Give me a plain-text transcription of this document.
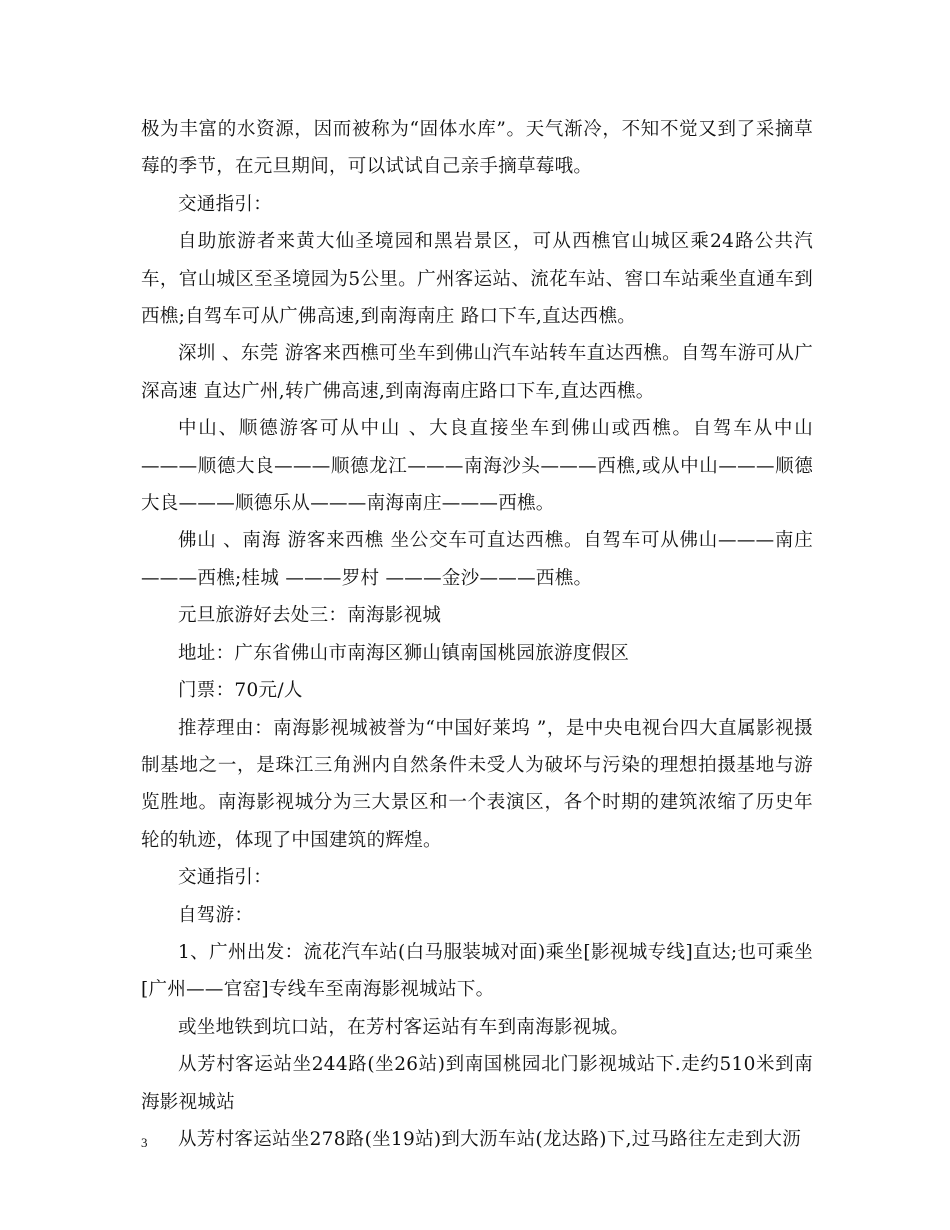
极为丰富的水资源，因而被称为“固体水库”。天气渐冷，不知不觉又到了采摘草莓的季节，在元旦期间，可以试试自己亲手摘草莓哦。

交通指引：

自助旅游者来黄大仙圣境园和黑岩景区，可从西樵官山城区乘24路公共汽车，官山城区至圣境园为5公里。广州客运站、流花车站、窖口车站乘坐直通车到西樵;自驾车可从广佛高速,到南海南庄 路口下车,直达西樵。

深圳 、东莞 游客来西樵可坐车到佛山汽车站转车直达西樵。自驾车游可从广深高速 直达广州,转广佛高速,到南海南庄路口下车,直达西樵。

中山、顺德游客可从中山 、大良直接坐车到佛山或西樵。自驾车从中山———顺德大良———顺德龙江———南海沙头———西樵,或从中山———顺德大良———顺德乐从———南海南庄———西樵。

佛山 、南海 游客来西樵 坐公交车可直达西樵。自驾车可从佛山———南庄———西樵;桂城 ———罗村 ———金沙———西樵。

元旦旅游好去处三：南海影视城

地址：广东省佛山市南海区狮山镇南国桃园旅游度假区

门票：70元/人

推荐理由：南海影视城被誉为“中国好莱坞 ”，是中央电视台四大直属影视摄制基地之一，是珠江三角洲内自然条件未受人为破坏与污染的理想拍摄基地与游览胜地。南海影视城分为三大景区和一个表演区，各个时期的建筑浓缩了历史年轮的轨迹，体现了中国建筑的辉煌。

交通指引：

自驾游：

1、广州出发：流花汽车站(白马服装城对面)乘坐[影视城专线]直达;也可乘坐[广州——官窑]专线车至南海影视城站下。

或坐地铁到坑口站，在芳村客运站有车到南海影视城。

从芳村客运站坐244路(坐26站)到南国桃园北门影视城站下.走约510米到南海影视城站

从芳村客运站坐278路(坐19站)到大沥车站(龙达路)下,过马路往左走到大沥

3
